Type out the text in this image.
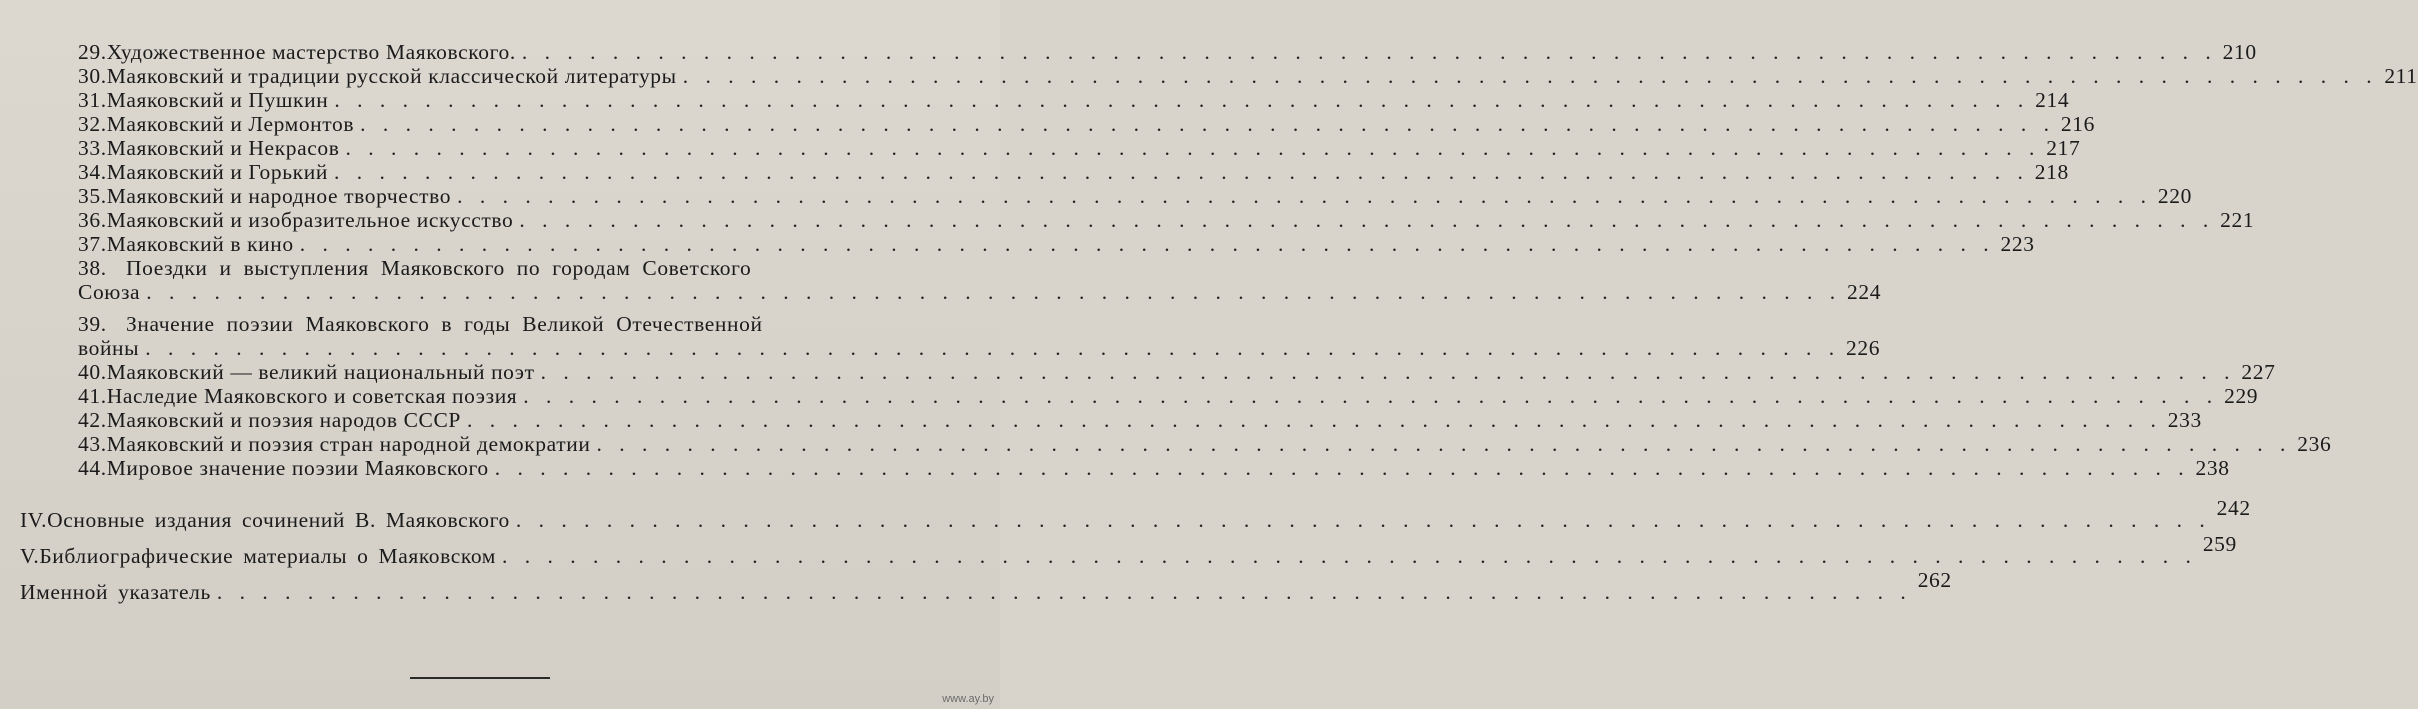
29. Художественное мастерство Маяковского. . . . . . . . . . . . . . . . . . . . . . . . . . . . . . . . . . . . . . . . . . . . . . . . . . . . . . . . . . . . . . . . . . . . . . . . . . . . 210
30. Маяковский и традиции русской классической литературы . . . . . . . . . . . . . . . . . . . . . . . . . . . . . . . . . . . . . . . . . . . . . . . . . . . . . . . . . . . . . . . . . . . . . . . . . . . 211
31. Маяковский и Пушкин . . . . . . . . . . . . . . . . . . . . . . . . . . . . . . . . . . . . . . . . . . . . . . . . . . . . . . . . . . . . . . . . . . . . . . . . . . . 214
32. Маяковский и Лермонтов . . . . . . . . . . . . . . . . . . . . . . . . . . . . . . . . . . . . . . . . . . . . . . . . . . . . . . . . . . . . . . . . . . . . . . . . . . . 216
33. Маяковский и Некрасов . . . . . . . . . . . . . . . . . . . . . . . . . . . . . . . . . . . . . . . . . . . . . . . . . . . . . . . . . . . . . . . . . . . . . . . . . . . 217
34. Маяковский и Горький . . . . . . . . . . . . . . . . . . . . . . . . . . . . . . . . . . . . . . . . . . . . . . . . . . . . . . . . . . . . . . . . . . . . . . . . . . . 218
35. Маяковский и народное творчество . . . . . . . . . . . . . . . . . . . . . . . . . . . . . . . . . . . . . . . . . . . . . . . . . . . . . . . . . . . . . . . . . . . . . . . . . . . 220
36. Маяковский и изобразительное искусство . . . . . . . . . . . . . . . . . . . . . . . . . . . . . . . . . . . . . . . . . . . . . . . . . . . . . . . . . . . . . . . . . . . . . . . . . . . 221
37. Маяковский в кино . . . . . . . . . . . . . . . . . . . . . . . . . . . . . . . . . . . . . . . . . . . . . . . . . . . . . . . . . . . . . . . . . . . . . . . . . . . 223
38. Поездки и выступления Маяковского по городам Советского
Союза . . . . . . . . . . . . . . . . . . . . . . . . . . . . . . . . . . . . . . . . . . . . . . . . . . . . . . . . . . . . . . . . . . . . . . . . . . . 224
39. Значение поэзии Маяковского в годы Великой Отечественной
войны . . . . . . . . . . . . . . . . . . . . . . . . . . . . . . . . . . . . . . . . . . . . . . . . . . . . . . . . . . . . . . . . . . . . . . . . . . . 226
40. Маяковский — великий национальный поэт . . . . . . . . . . . . . . . . . . . . . . . . . . . . . . . . . . . . . . . . . . . . . . . . . . . . . . . . . . . . . . . . . . . . . . . . . . . 227
41. Наследие Маяковского и советская поэзия . . . . . . . . . . . . . . . . . . . . . . . . . . . . . . . . . . . . . . . . . . . . . . . . . . . . . . . . . . . . . . . . . . . . . . . . . . . 229
42. Маяковский и поэзия народов СССР . . . . . . . . . . . . . . . . . . . . . . . . . . . . . . . . . . . . . . . . . . . . . . . . . . . . . . . . . . . . . . . . . . . . . . . . . . . 233
43. Маяковский и поэзия стран народной демократии . . . . . . . . . . . . . . . . . . . . . . . . . . . . . . . . . . . . . . . . . . . . . . . . . . . . . . . . . . . . . . . . . . . . . . . . . . . 236
44. Мировое значение поэзии Маяковского . . . . . . . . . . . . . . . . . . . . . . . . . . . . . . . . . . . . . . . . . . . . . . . . . . . . . . . . . . . . . . . . . . . . . . . . . . . 238
IV. Основные издания сочинений В. Маяковского . . . . . . . . . . . . . . . . . . . . . . . . . . . . . . . . . . . . . . . . . . . . . . . . . . . . . . . . . . . . . . . . . . . . . . . . . . . 242
V. Библиографические материалы о Маяковском . . . . . . . . . . . . . . . . . . . . . . . . . . . . . . . . . . . . . . . . . . . . . . . . . . . . . . . . . . . . . . . . . . . . . . . . . . . 259
Именной указатель . . . . . . . . . . . . . . . . . . . . . . . . . . . . . . . . . . . . . . . . . . . . . . . . . . . . . . . . . . . . . . . . . . . . . . . . . . . 262
www.ay.by
